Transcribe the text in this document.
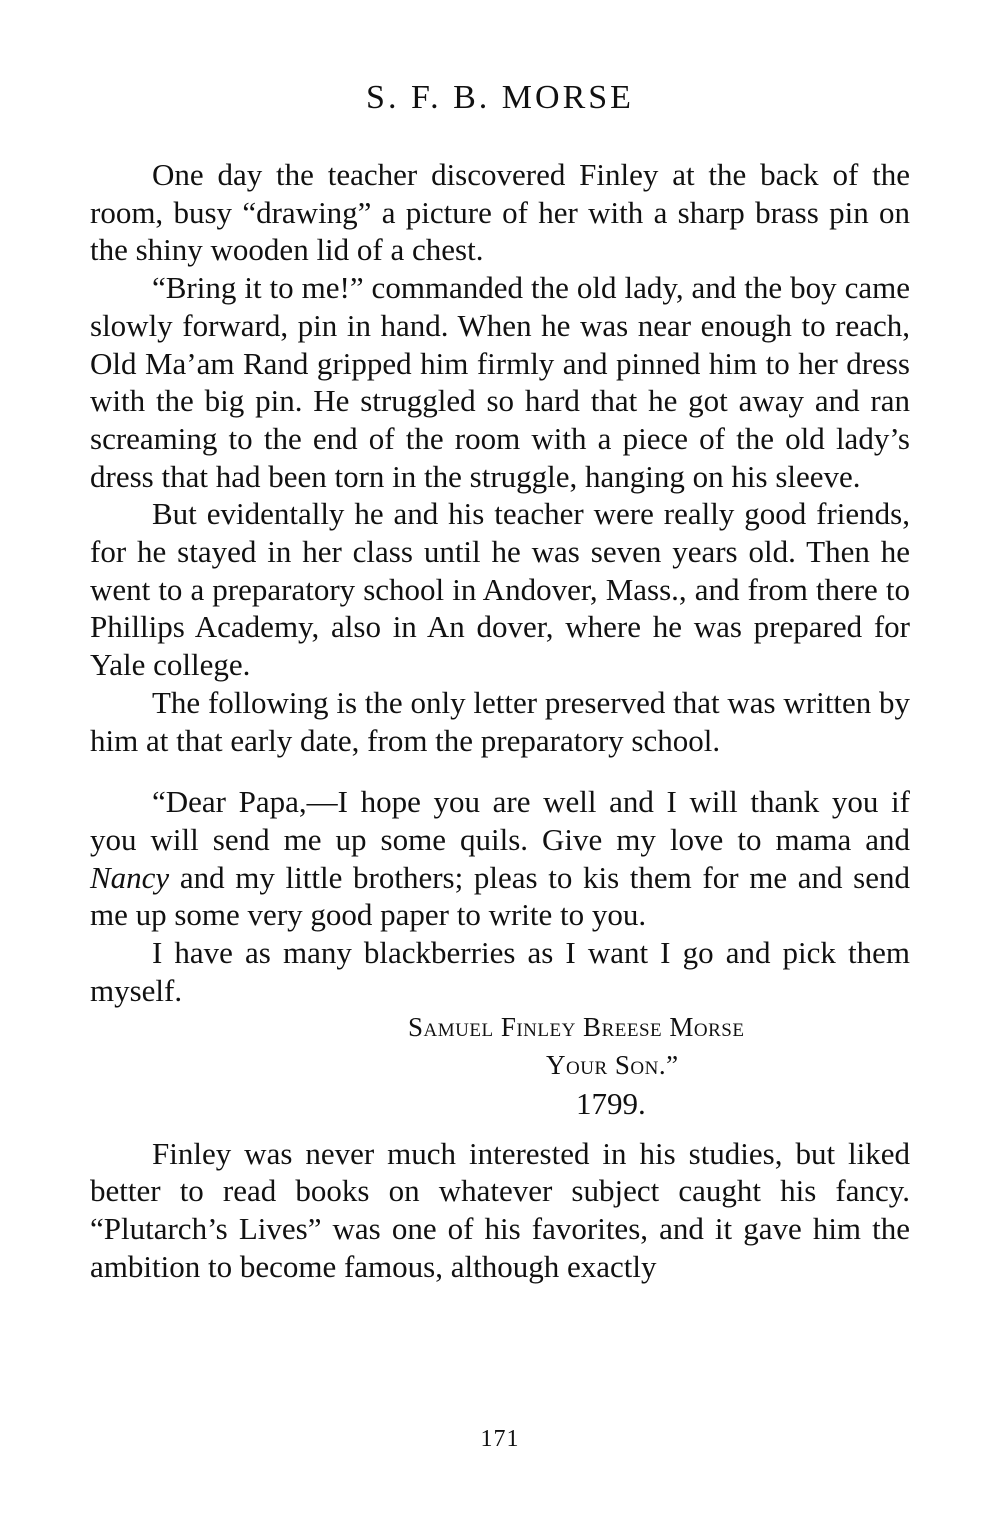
S. F. B. MORSE

One day the teacher discovered Finley at the back of the room, busy “drawing” a picture of her with a sharp brass pin on the shiny wooden lid of a chest.

“Bring it to me!” commanded the old lady, and the boy came slowly forward, pin in hand. When he was near enough to reach, Old Ma’am Rand gripped him firmly and pinned him to her dress with the big pin. He struggled so hard that he got away and ran screaming to the end of the room with a piece of the old lady’s dress that had been torn in the struggle, hanging on his sleeve.

But evidentally he and his teacher were really good friends, for he stayed in her class until he was seven years old. Then he went to a preparatory school in Andover, Mass., and from there to Phillips Academy, also in An dover, where he was prepared for Yale college.

The following is the only letter preserved that was written by him at that early date, from the preparatory school.

“Dear Papa,—I hope you are well and I will thank you if you will send me up some quils. Give my love to mama and Nancy and my little brothers; pleas to kis them for me and send me up some very good paper to write to you.

I have as many blackberries as I want I go and pick them myself.

Samuel Finley Breese Morse
Your Son.”
1799.

Finley was never much interested in his studies, but liked better to read books on whatever subject caught his fancy. “Plutarch’s Lives” was one of his favorites, and it gave him the ambition to become famous, although exactly

171
